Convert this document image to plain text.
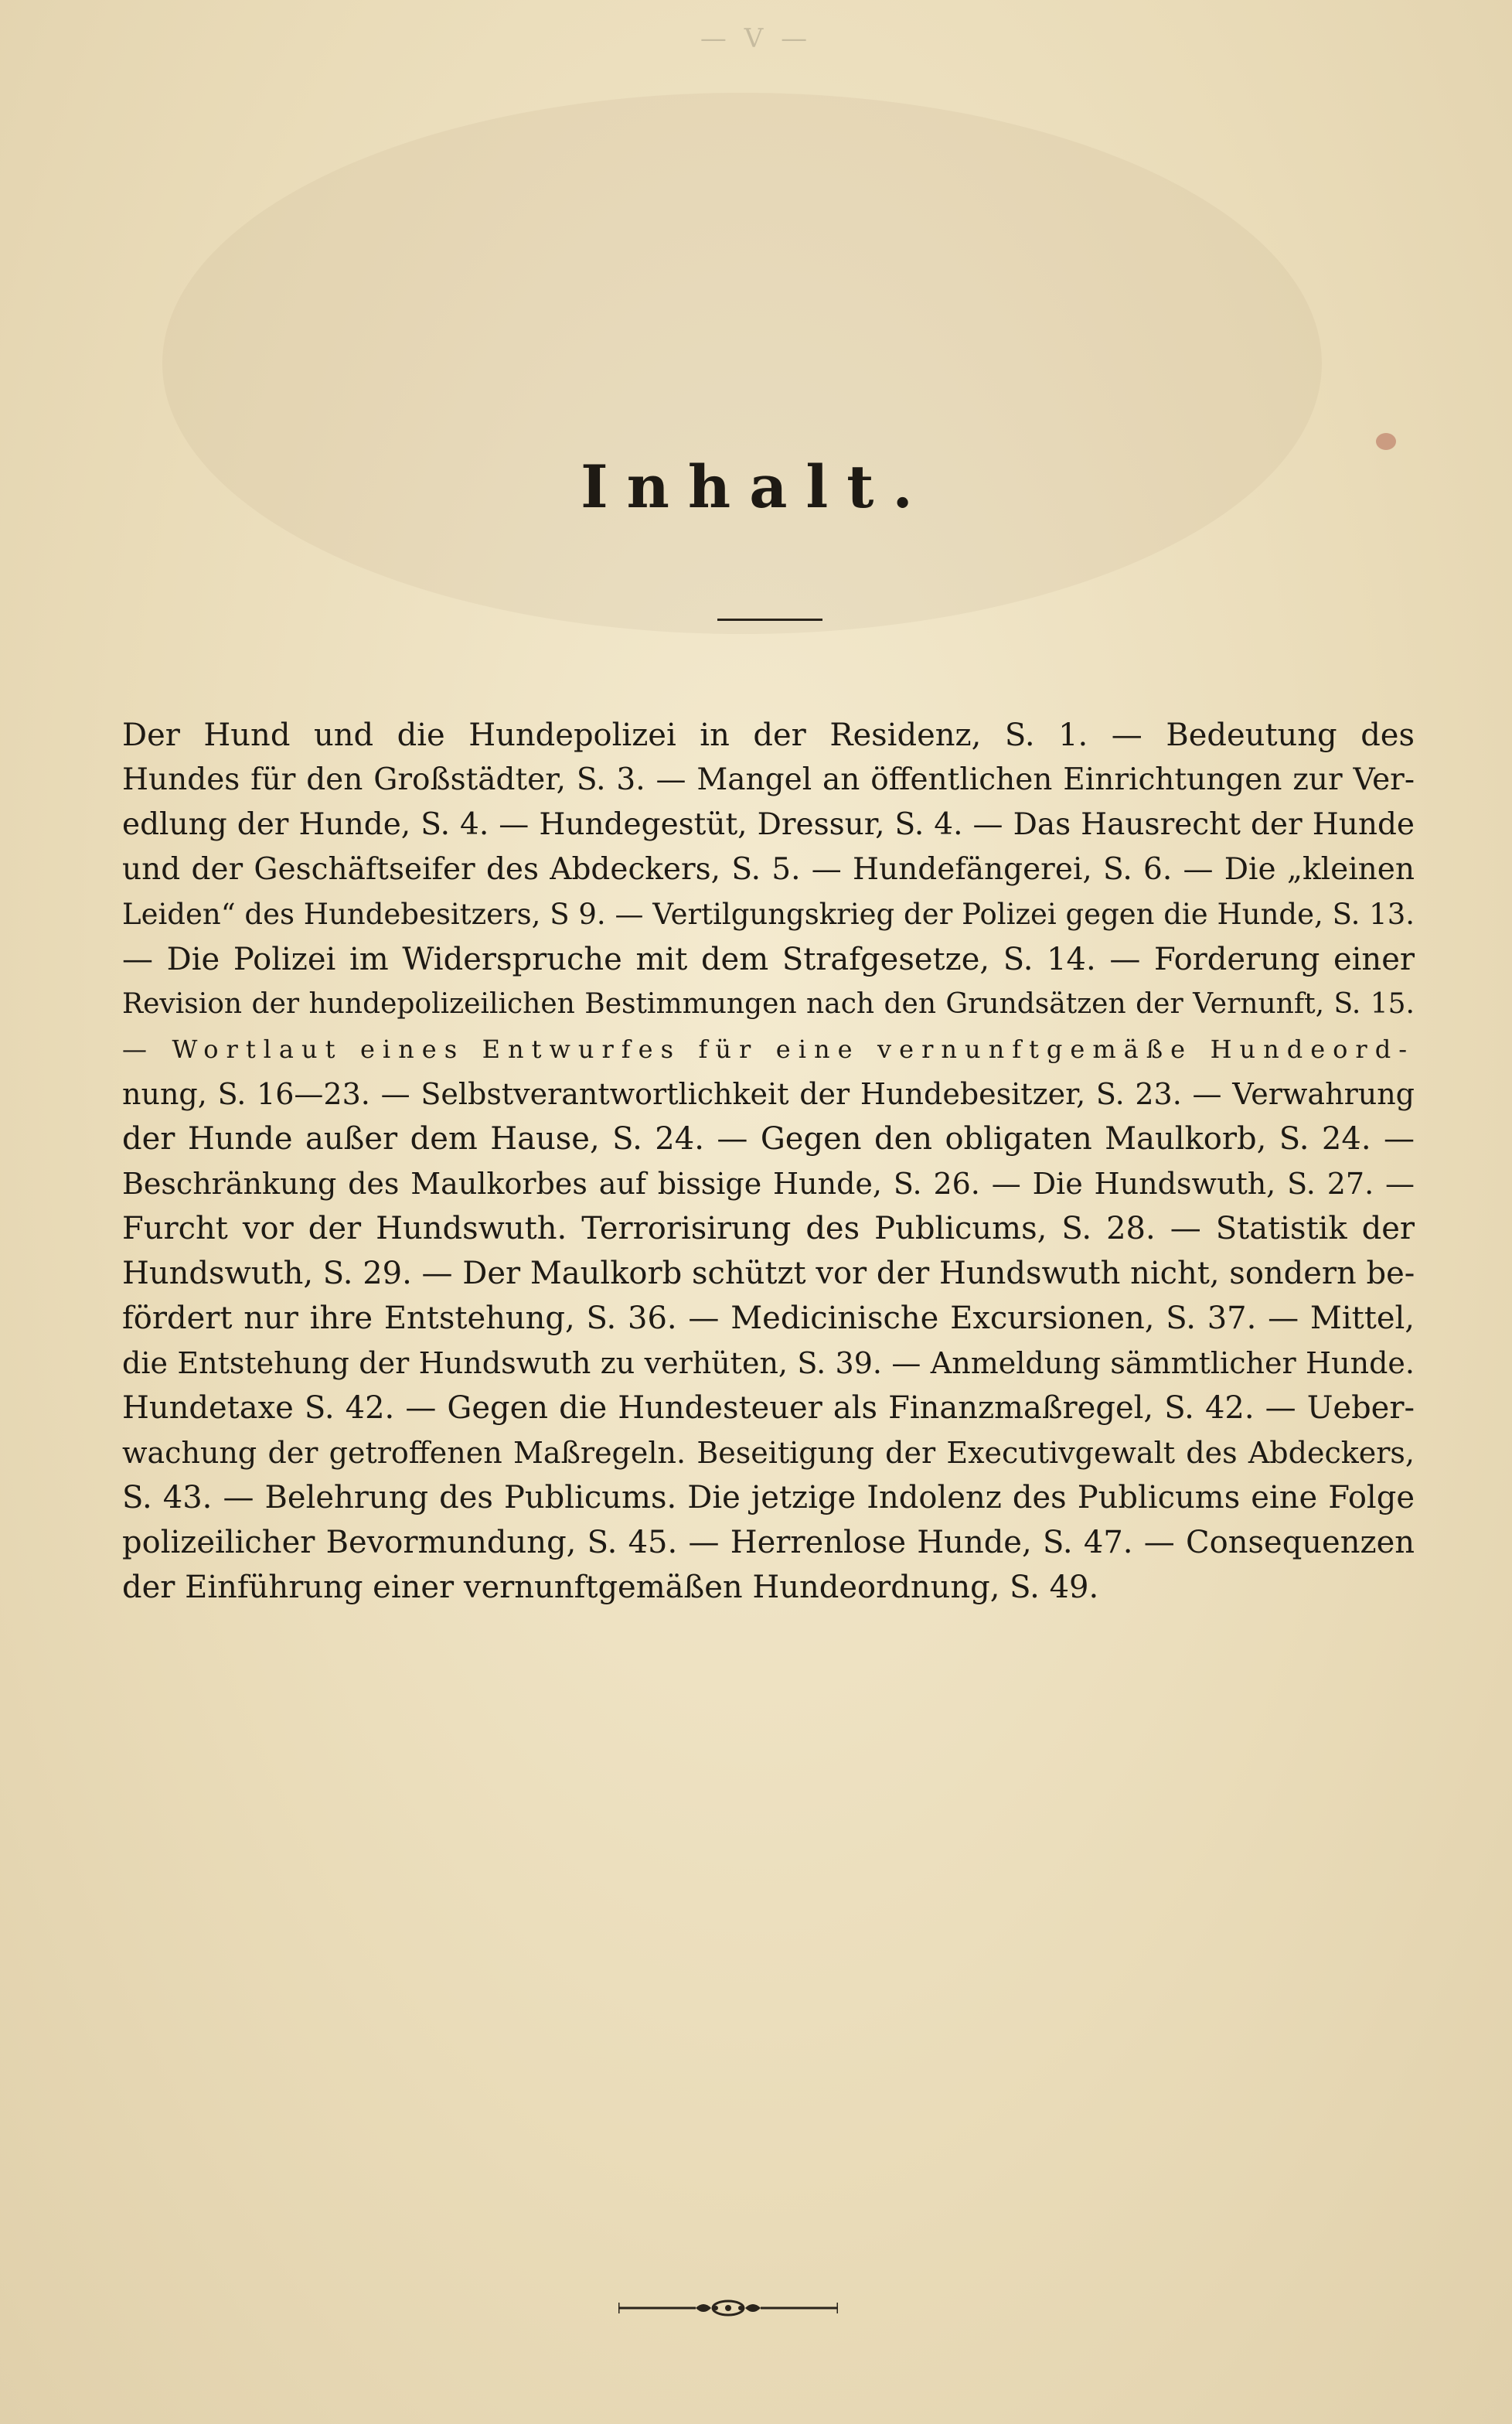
— V —
Inhalt.
Der Hund und die Hundepolizei in der Residenz, S. 1. — Bedeutung des
Hundes für den Großstädter, S. 3. — Mangel an öffentlichen Einrichtungen zur Ver-
edlung der Hunde, S. 4. — Hundegestüt, Dressur, S. 4. — Das Hausrecht der Hunde
und der Geschäftseifer des Abdeckers, S. 5. — Hundefängerei, S. 6. — Die „kleinen
Leiden“ des Hundebesitzers, S 9. — Vertilgungskrieg der Polizei gegen die Hunde, S. 13.
— Die Polizei im Widerspruche mit dem Strafgesetze, S. 14. — Forderung einer
Revision der hundepolizeilichen Bestimmungen nach den Grundsätzen der Vernunft, S. 15.
— Wortlaut eines Entwurfes für eine vernunftgemäße Hundeord-
nung, S. 16—23. — Selbstverantwortlichkeit der Hundebesitzer, S. 23. — Verwahrung
der Hunde außer dem Hause, S. 24. — Gegen den obligaten Maulkorb, S. 24. —
Beschränkung des Maulkorbes auf bissige Hunde, S. 26. — Die Hundswuth, S. 27. —
Furcht vor der Hundswuth. Terrorisirung des Publicums, S. 28. — Statistik der
Hundswuth, S. 29. — Der Maulkorb schützt vor der Hundswuth nicht, sondern be-
fördert nur ihre Entstehung, S. 36. — Medicinische Excursionen, S. 37. — Mittel,
die Entstehung der Hundswuth zu verhüten, S. 39. — Anmeldung sämmtlicher Hunde.
Hundetaxe S. 42. — Gegen die Hundesteuer als Finanzmaßregel, S. 42. — Ueber-
wachung der getroffenen Maßregeln. Beseitigung der Executivgewalt des Abdeckers,
S. 43. — Belehrung des Publicums. Die jetzige Indolenz des Publicums eine Folge
polizeilicher Bevormundung, S. 45. — Herrenlose Hunde, S. 47. — Consequenzen
der Einführung einer vernunftgemäßen Hundeordnung, S. 49.
